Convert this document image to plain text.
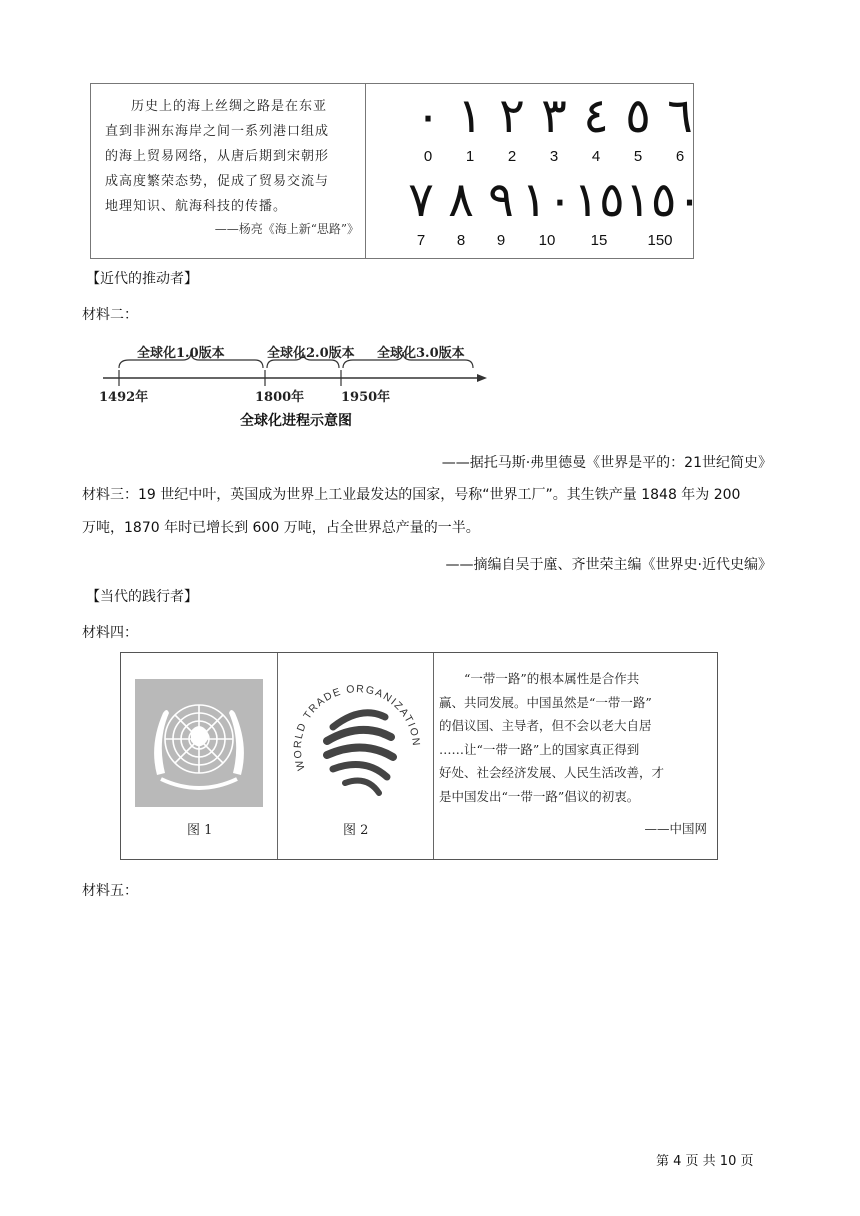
历史上的海上丝绸之路是在东亚
直到非洲东海岸之间一系列港口组成
的海上贸易网络，从唐后期到宋朝形
成高度繁荣态势，促成了贸易交流与
地理知识、航海科技的传播。
——杨亮《海上新“思路”》
٠ ١ ٢ ٣ ٤ ٥ ٦
0	1	2	3	4	5	6
٧ ٨ ٩ ١٠ ١٥ ١٥٠
7	8	9	10	15	150
【近代的推动者】
材料二：
全球化1.0版本	全球化2.0版本 全球化3.0版本
1492年	1800年	1950年
全球化进程示意图
——据托马斯·弗里德曼《世界是平的：21世纪简史》
材料三：19 世纪中叶，英国成为世界上工业最发达的国家，号称“世界工厂”。其生铁产量 1848 年为 200
万吨，1870 年时已增长到 600 万吨，占全世界总产量的一半。
——摘编自吴于廑、齐世荣主编《世界史·近代史编》
【当代的践行者】
材料四：
图 1
WORLD TRADE ORGANIZATION
图 2
“一带一路”的根本属性是合作共
赢、共同发展。中国虽然是“一带一路”
的倡议国、主导者，但不会以老大自居
……让“一带一路”上的国家真正得到
好处、社会经济发展、人民生活改善，才
是中国发出“一带一路”倡议的初衷。
——中国网
材料五：
第 4 页 共 10 页
